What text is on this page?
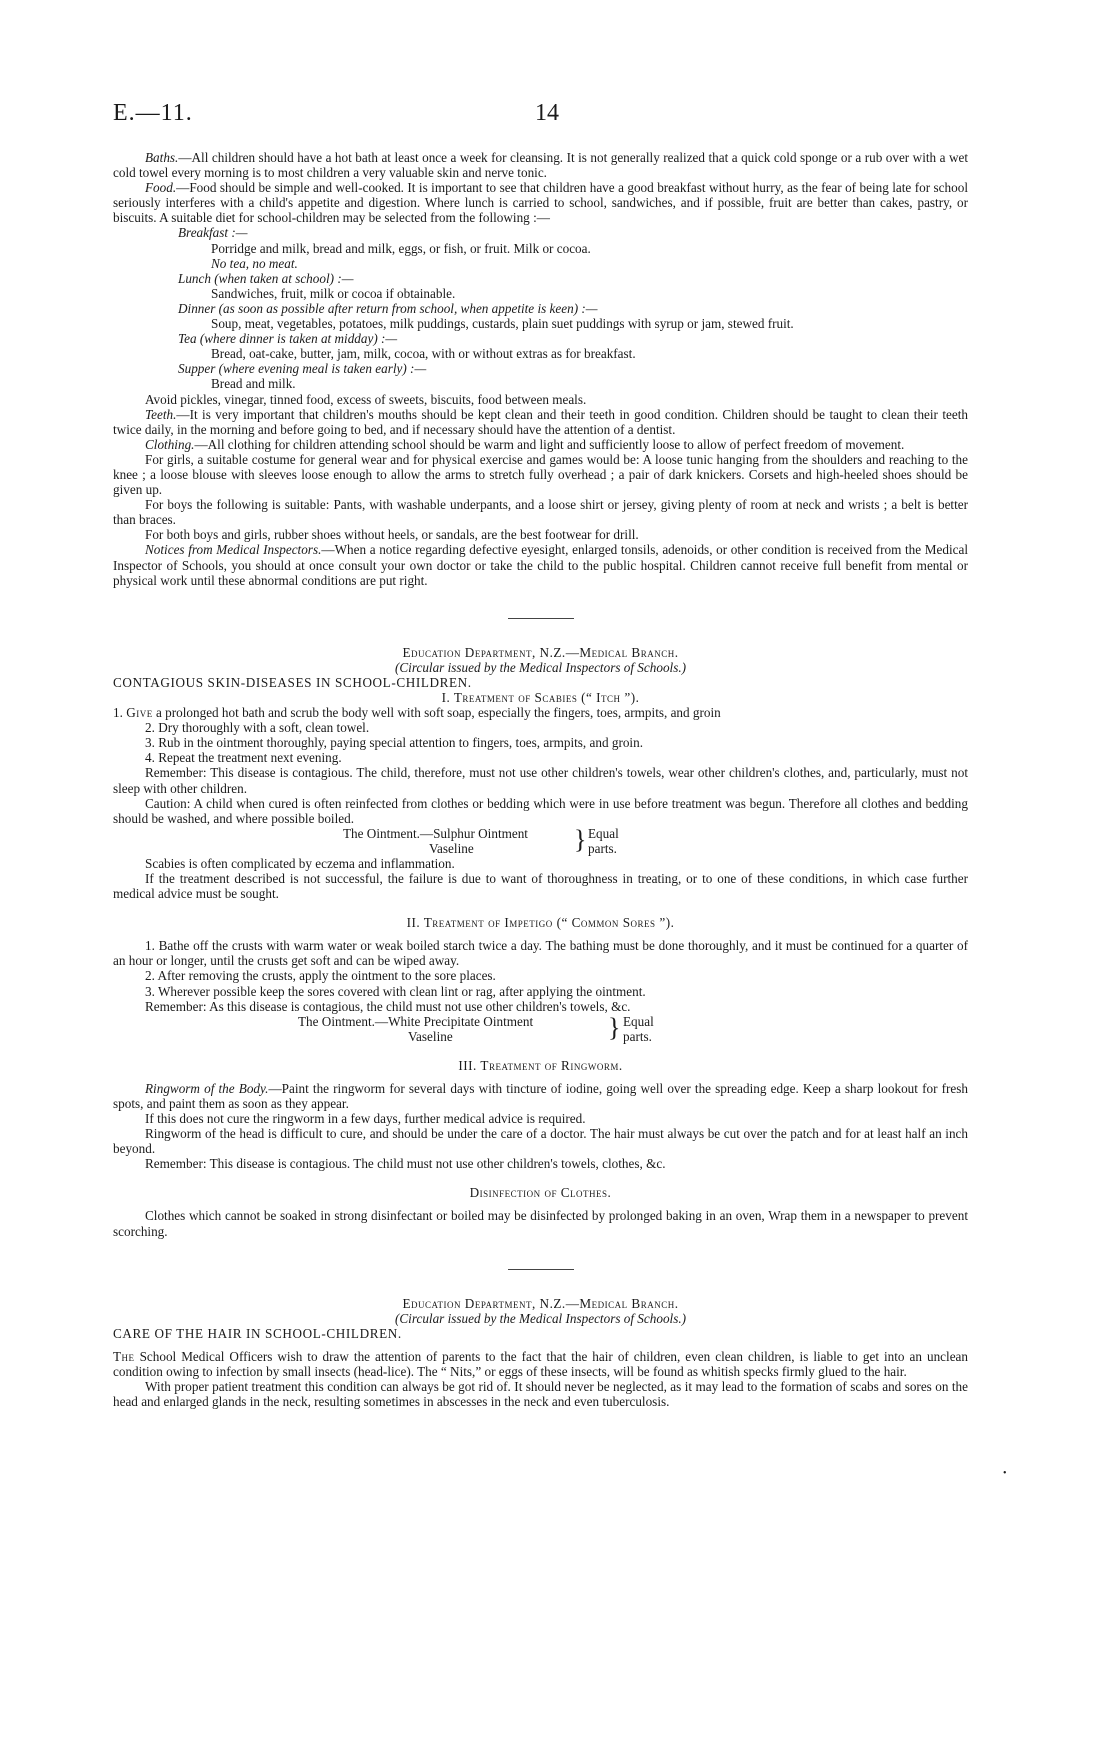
E.—11.	14

Baths.—All children should have a hot bath at least once a week for cleansing. It is not generally realized that a quick cold sponge or a rub over with a wet cold towel every morning is to most children a very valuable skin and nerve tonic.

Food.—Food should be simple and well-cooked. It is important to see that children have a good breakfast without hurry, as the fear of being late for school seriously interferes with a child's appetite and digestion. Where lunch is carried to school, sandwiches, and if possible, fruit are better than cakes, pastry, or biscuits. A suitable diet for school-children may be selected from the following :—

Breakfast :—

Porridge and milk, bread and milk, eggs, or fish, or fruit. Milk or cocoa.

No tea, no meat.

Lunch (when taken at school) :—

Sandwiches, fruit, milk or cocoa if obtainable.

Dinner (as soon as possible after return from school, when appetite is keen) :—

Soup, meat, vegetables, potatoes, milk puddings, custards, plain suet puddings with syrup or jam, stewed fruit.

Tea (where dinner is taken at midday) :—

Bread, oat-cake, butter, jam, milk, cocoa, with or without extras as for breakfast.

Supper (where evening meal is taken early) :—

Bread and milk.

Avoid pickles, vinegar, tinned food, excess of sweets, biscuits, food between meals.

Teeth.—It is very important that children's mouths should be kept clean and their teeth in good condition. Children should be taught to clean their teeth twice daily, in the morning and before going to bed, and if necessary should have the attention of a dentist.

Clothing.—All clothing for children attending school should be warm and light and sufficiently loose to allow of perfect freedom of movement.

For girls, a suitable costume for general wear and for physical exercise and games would be: A loose tunic hanging from the shoulders and reaching to the knee ; a loose blouse with sleeves loose enough to allow the arms to stretch fully overhead ; a pair of dark knickers. Corsets and high-heeled shoes should be given up.

For boys the following is suitable: Pants, with washable underpants, and a loose shirt or jersey, giving plenty of room at neck and wrists ; a belt is better than braces.

For both boys and girls, rubber shoes without heels, or sandals, are the best footwear for drill.

Notices from Medical Inspectors.—When a notice regarding defective eyesight, enlarged tonsils, adenoids, or other condition is received from the Medical Inspector of Schools, you should at once consult your own doctor or take the child to the public hospital. Children cannot receive full benefit from mental or physical work until these abnormal conditions are put right.

Education Department, N.Z.—Medical Branch.

(Circular issued by the Medical Inspectors of Schools.)

CONTAGIOUS SKIN-DISEASES IN SCHOOL-CHILDREN.

I. Treatment of Scabies (“ Itch ”).

1. Give a prolonged hot bath and scrub the body well with soft soap, especially the fingers, toes, armpits, and groin

2. Dry thoroughly with a soft, clean towel.

3. Rub in the ointment thoroughly, paying special attention to fingers, toes, armpits, and groin.

4. Repeat the treatment next evening.

Remember: This disease is contagious. The child, therefore, must not use other children's towels, wear other children's clothes, and, particularly, must not sleep with other children.

Caution: A child when cured is often reinfected from clothes or bedding which were in use before treatment was begun. Therefore all clothes and bedding should be washed, and where possible boiled.

The Ointment.—Sulphur Ointment
Vaseline	} Equal
parts.

Scabies is often complicated by eczema and inflammation.

If the treatment described is not successful, the failure is due to want of thoroughness in treating, or to one of these conditions, in which case further medical advice must be sought.

II. Treatment of Impetigo (“ Common Sores ”).

1. Bathe off the crusts with warm water or weak boiled starch twice a day. The bathing must be done thoroughly, and it must be continued for a quarter of an hour or longer, until the crusts get soft and can be wiped away.

2. After removing the crusts, apply the ointment to the sore places.

3. Wherever possible keep the sores covered with clean lint or rag, after applying the ointment.

Remember: As this disease is contagious, the child must not use other children's towels, &c.

The Ointment.—White Precipitate Ointment
Vaseline	} Equal
parts.

III. Treatment of Ringworm.

Ringworm of the Body.—Paint the ringworm for several days with tincture of iodine, going well over the spreading edge. Keep a sharp lookout for fresh spots, and paint them as soon as they appear.

If this does not cure the ringworm in a few days, further medical advice is required.

Ringworm of the head is difficult to cure, and should be under the care of a doctor. The hair must always be cut over the patch and for at least half an inch beyond.

Remember: This disease is contagious. The child must not use other children's towels, clothes, &c.

Disinfection of Clothes.

Clothes which cannot be soaked in strong disinfectant or boiled may be disinfected by prolonged baking in an oven, Wrap them in a newspaper to prevent scorching.

Education Department, N.Z.—Medical Branch.

(Circular issued by the Medical Inspectors of Schools.)

CARE OF THE HAIR IN SCHOOL-CHILDREN.

The School Medical Officers wish to draw the attention of parents to the fact that the hair of children, even clean children, is liable to get into an unclean condition owing to infection by small insects (head-lice). The “ Nits,” or eggs of these insects, will be found as whitish specks firmly glued to the hair.

With proper patient treatment this condition can always be got rid of. It should never be neglected, as it may lead to the formation of scabs and sores on the head and enlarged glands in the neck, resulting sometimes in abscesses in the neck and even tuberculosis.

•
